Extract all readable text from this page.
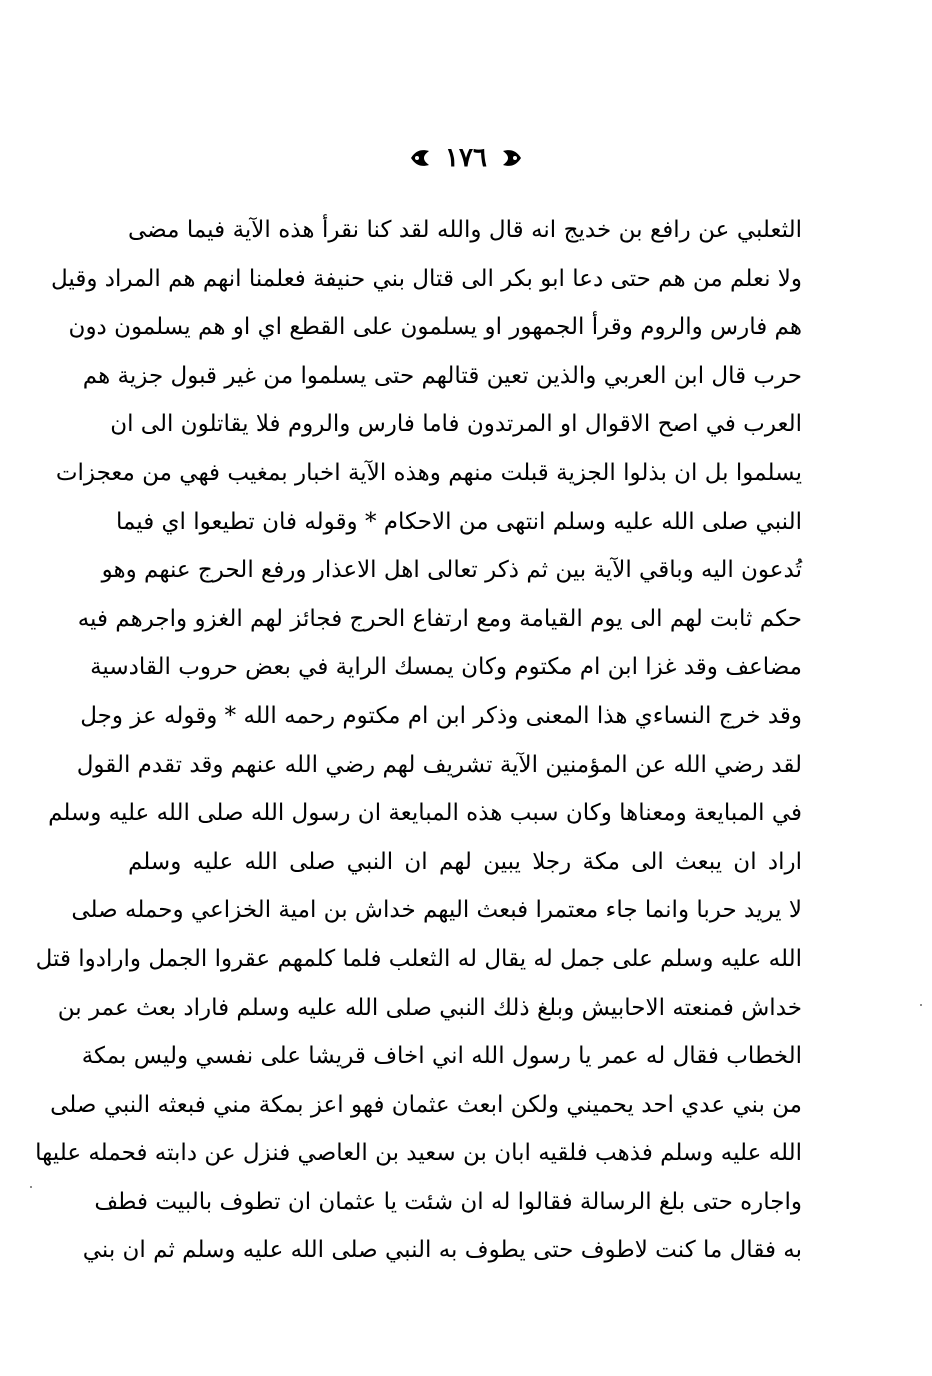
١٧٦
الثعلبي عن رافع بن خديج انه قال والله لقد كنا نقرأ هذه الآية فيما مضى
ولا نعلم من هم حتى دعا ابو بكر الى قتال بني حنيفة فعلمنا انهم هم المراد وقيل
هم فارس والروم وقرأ الجمهور او يسلمون على القطع اي او هم يسلمون دون
حرب قال ابن العربي والذين تعين قتالهم حتى يسلموا من غير قبول جزية هم
العرب في اصح الاقوال او المرتدون فاما فارس والروم فلا يقاتلون الى ان
يسلموا بل ان بذلوا الجزية قبلت منهم وهذه الآية اخبار بمغيب فهي من معجزات
النبي صلى الله عليه وسلم انتهى من الاحكام * وقوله فان تطيعوا اي فيما
تُدعون اليه وباقي الآية بين ثم ذكر تعالى اهل الاعذار ورفع الحرج عنهم وهو
حكم ثابت لهم الى يوم القيامة ومع ارتفاع الحرج فجائز لهم الغزو واجرهم فيه
مضاعف وقد غزا ابن ام مكتوم وكان يمسك الراية في بعض حروب القادسية
وقد خرج النساءي هذا المعنى وذكر ابن ام مكتوم رحمه الله * وقوله عز وجل
لقد رضي الله عن المؤمنين الآية تشريف لهم رضي الله عنهم وقد تقدم القول
في المبايعة ومعناها وكان سبب هذه المبايعة ان رسول الله صلى الله عليه وسلم
اراد ان يبعث الى مكة رجلا يبين لهم ان النبي صلى الله عليه وسلم
لا يريد حربا وانما جاء معتمرا فبعث اليهم خداش بن امية الخزاعي وحمله صلى
الله عليه وسلم على جمل له يقال له الثعلب فلما كلمهم عقروا الجمل وارادوا قتل
خداش فمنعته الاحابيش وبلغ ذلك النبي صلى الله عليه وسلم فاراد بعث عمر بن
الخطاب فقال له عمر يا رسول الله اني اخاف قريشا على نفسي وليس بمكة
من بني عدي احد يحميني ولكن ابعث عثمان فهو اعز بمكة مني فبعثه النبي صلى
الله عليه وسلم فذهب فلقيه ابان بن سعيد بن العاصي فنزل عن دابته فحمله عليها
واجاره حتى بلغ الرسالة فقالوا له ان شئت يا عثمان ان تطوف بالبيت فطف
به فقال ما كنت لاطوف حتى يطوف به النبي صلى الله عليه وسلم ثم ان بني
